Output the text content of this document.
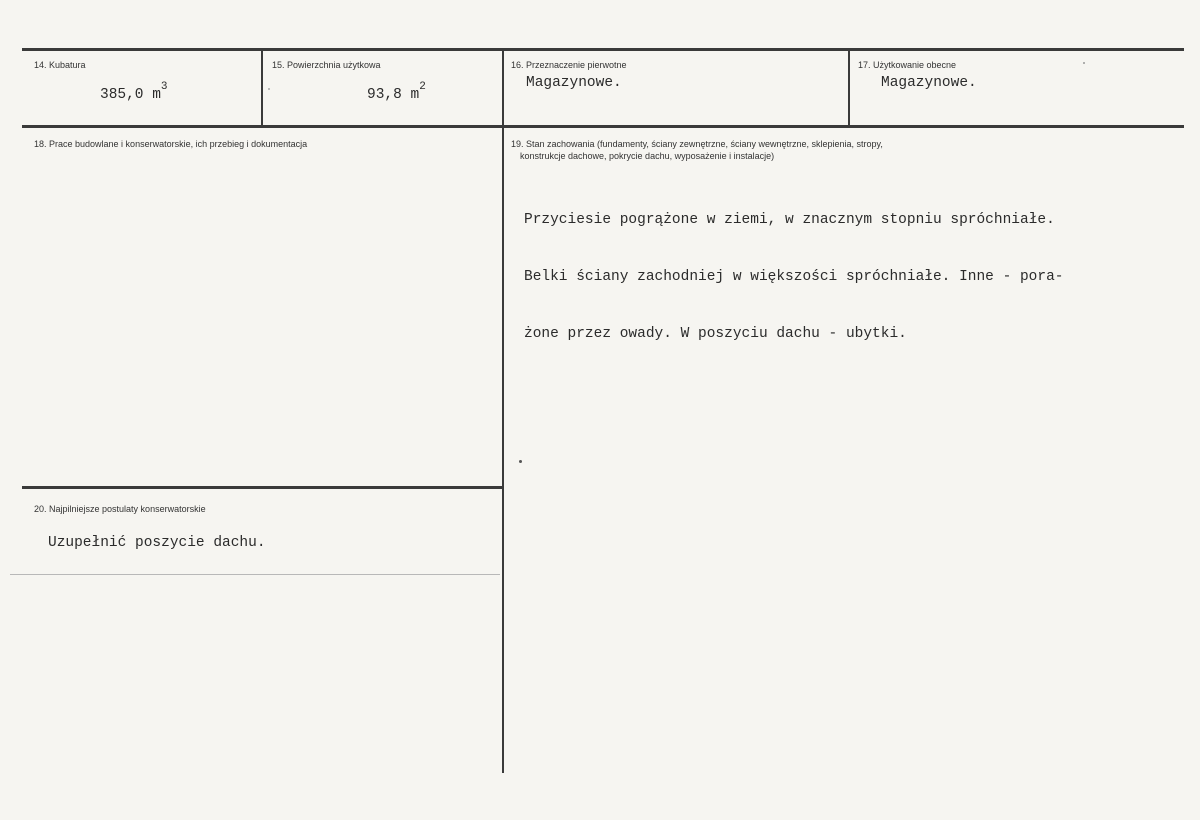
14. Kubatura
385,0 $m^3$
15. Powierzchnia użytkowa
93,8 $m^2$
16. Przeznaczenie pierwotne
Magazynowe.
17. Użytkowanie obecne
Magazynowe.
18. Prace budowlane i konserwatorskie, ich przebieg i dokumentacja	19. Stan zachowania (fundamenty, ściany zewnętrzne, ściany wewnętrzne, sklepienia, stropy,
konstrukcje dachowe, pokrycie dachu, wyposażenie i instalacje)

Przyciesie pogrążone w ziemi, w znacznym stopniu spróchniałe.

Belki ściany zachodniej w większości spróchniałe. Inne - pora-

żone przez owady. W poszyciu dachu - ubytki.

20. Najpilniejsze postulaty konserwatorskie
Uzupełnić poszycie dachu.
